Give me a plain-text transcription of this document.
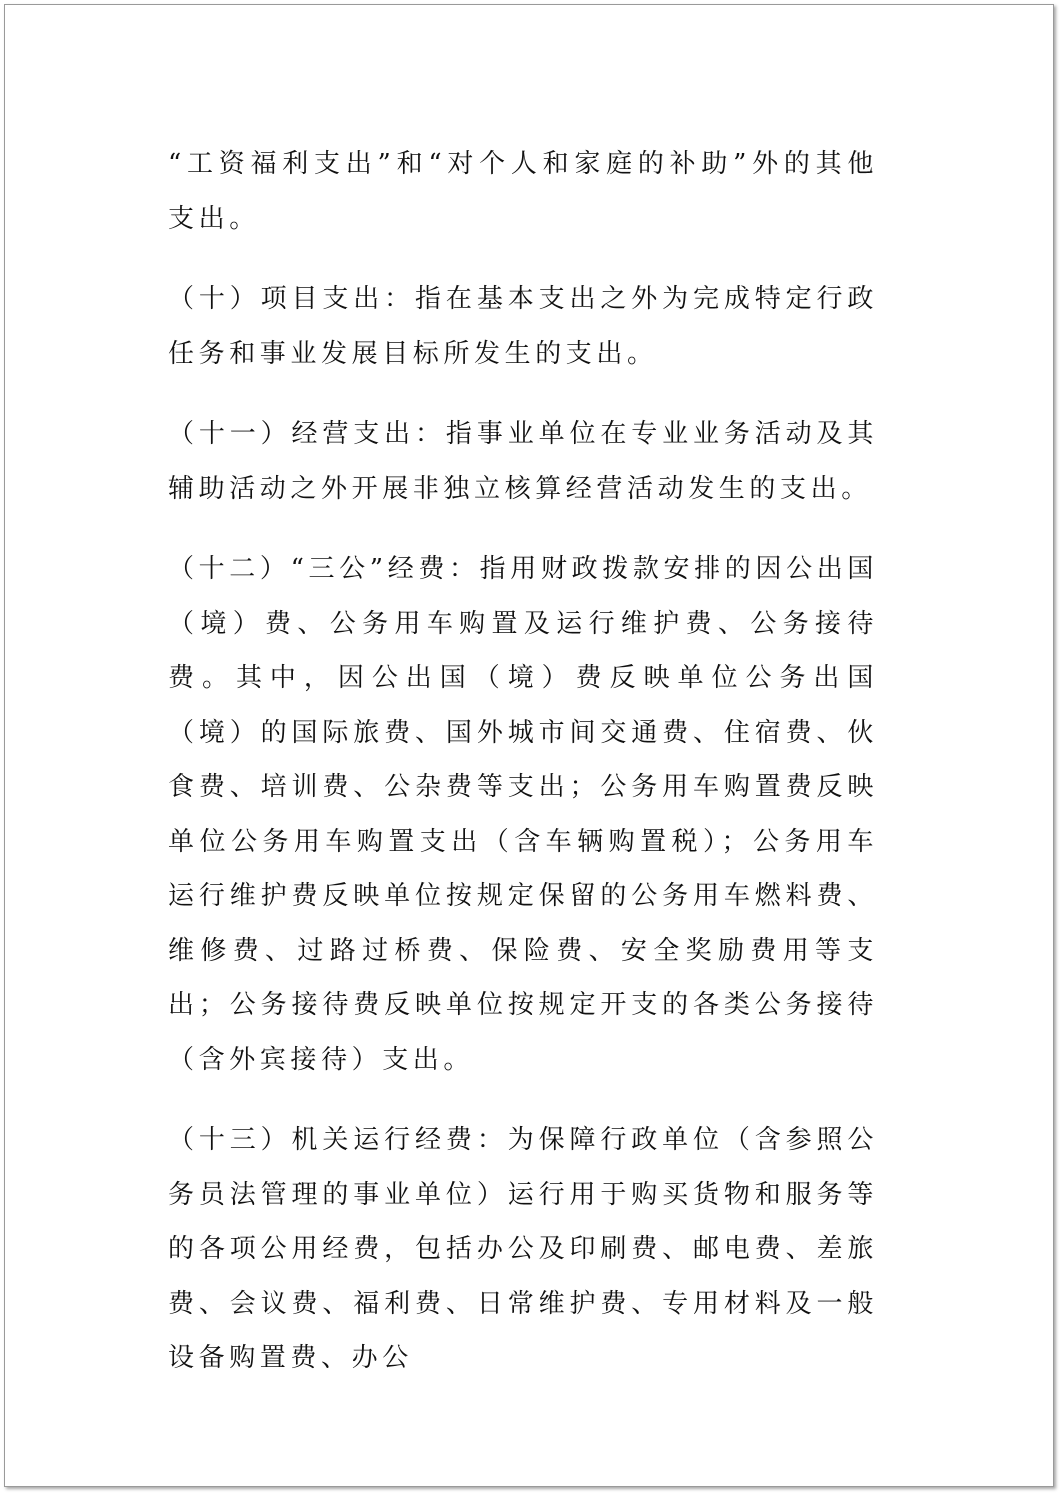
“工资福利支出”和“对个人和家庭的补助”外的其他支出。

（十）项目支出：指在基本支出之外为完成特定行政任务和事业发展目标所发生的支出。

（十一）经营支出：指事业单位在专业业务活动及其辅助活动之外开展非独立核算经营活动发生的支出。

（十二）“三公”经费：指用财政拨款安排的因公出国（境）费、公务用车购置及运行维护费、公务接待费。其中，因公出国（境）费反映单位公务出国（境）的国际旅费、国外城市间交通费、住宿费、伙食费、培训费、公杂费等支出；公务用车购置费反映单位公务用车购置支出（含车辆购置税）；公务用车运行维护费反映单位按规定保留的公务用车燃料费、维修费、过路过桥费、保险费、安全奖励费用等支出；公务接待费反映单位按规定开支的各类公务接待（含外宾接待）支出。

（十三）机关运行经费：为保障行政单位（含参照公务员法管理的事业单位）运行用于购买货物和服务等的各项公用经费，包括办公及印刷费、邮电费、差旅费、会议费、福利费、日常维护费、专用材料及一般设备购置费、办公
